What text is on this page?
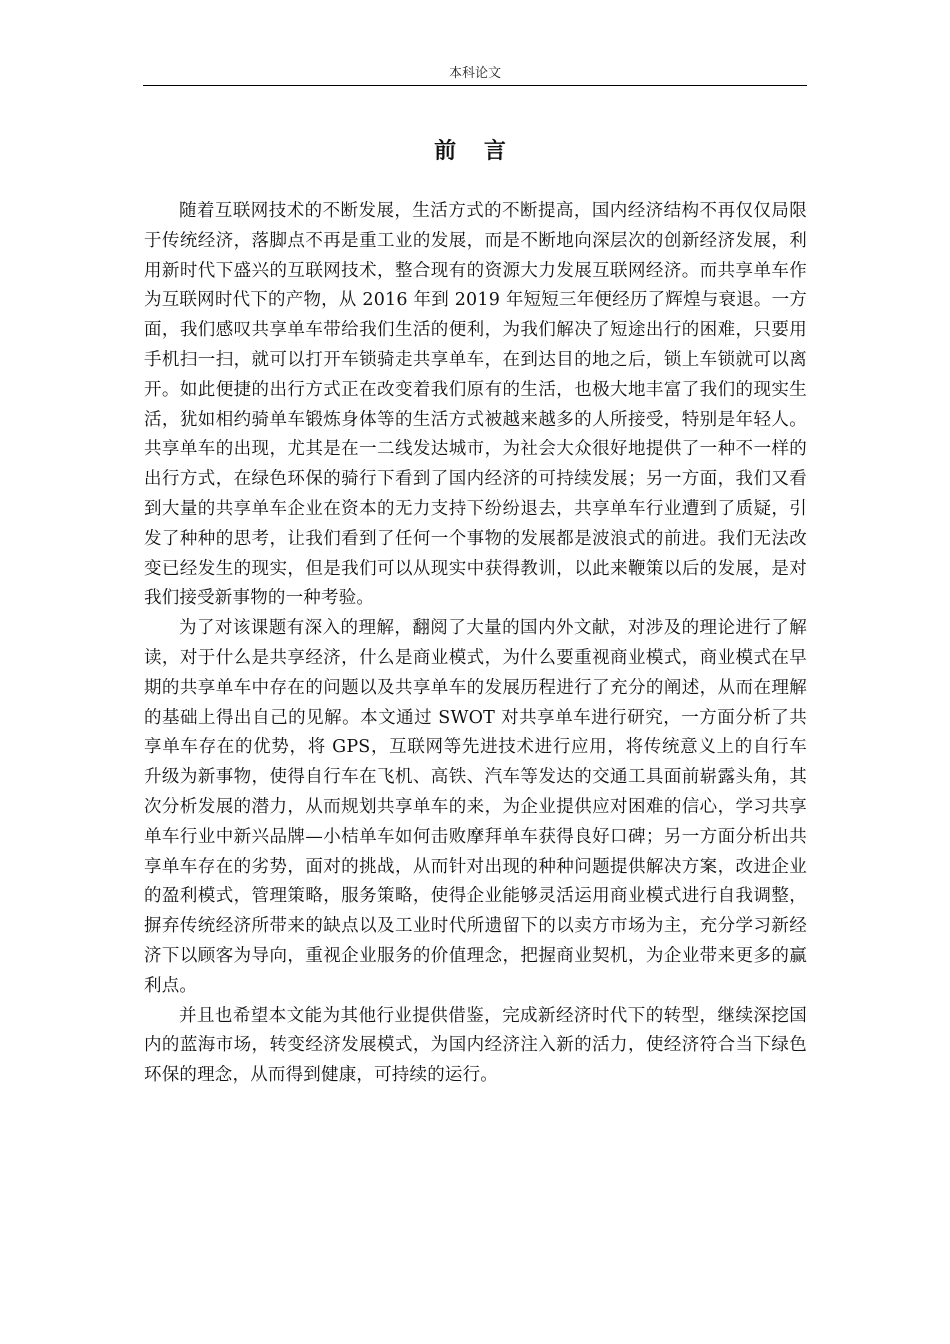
本科论文
前 言

随着互联网技术的不断发展，生活方式的不断提高，国内经济结构不再仅仅局限于传统经济，落脚点不再是重工业的发展，而是不断地向深层次的创新经济发展，利用新时代下盛兴的互联网技术，整合现有的资源大力发展互联网经济。而共享单车作为互联网时代下的产物，从 2016 年到 2019 年短短三年便经历了辉煌与衰退。一方面，我们感叹共享单车带给我们生活的便利，为我们解决了短途出行的困难，只要用手机扫一扫，就可以打开车锁骑走共享单车，在到达目的地之后，锁上车锁就可以离开。如此便捷的出行方式正在改变着我们原有的生活，也极大地丰富了我们的现实生活，犹如相约骑单车锻炼身体等的生活方式被越来越多的人所接受，特别是年轻人。共享单车的出现，尤其是在一二线发达城市，为社会大众很好地提供了一种不一样的出行方式，在绿色环保的骑行下看到了国内经济的可持续发展；另一方面，我们又看到大量的共享单车企业在资本的无力支持下纷纷退去，共享单车行业遭到了质疑，引发了种种的思考，让我们看到了任何一个事物的发展都是波浪式的前进。我们无法改变已经发生的现实，但是我们可以从现实中获得教训，以此来鞭策以后的发展，是对我们接受新事物的一种考验。

为了对该课题有深入的理解，翻阅了大量的国内外文献，对涉及的理论进行了解读，对于什么是共享经济，什么是商业模式，为什么要重视商业模式，商业模式在早期的共享单车中存在的问题以及共享单车的发展历程进行了充分的阐述，从而在理解的基础上得出自己的见解。本文通过 SWOT 对共享单车进行研究，一方面分析了共享单车存在的优势，将 GPS，互联网等先进技术进行应用，将传统意义上的自行车升级为新事物，使得自行车在飞机、高铁、汽车等发达的交通工具面前崭露头角，其次分析发展的潜力，从而规划共享单车的来，为企业提供应对困难的信心，学习共享单车行业中新兴品牌—小桔单车如何击败摩拜单车获得良好口碑；另一方面分析出共享单车存在的劣势，面对的挑战，从而针对出现的种种问题提供解决方案，改进企业的盈利模式，管理策略，服务策略，使得企业能够灵活运用商业模式进行自我调整，摒弃传统经济所带来的缺点以及工业时代所遗留下的以卖方市场为主，充分学习新经济下以顾客为导向，重视企业服务的价值理念，把握商业契机，为企业带来更多的赢利点。

并且也希望本文能为其他行业提供借鉴，完成新经济时代下的转型，继续深挖国内的蓝海市场，转变经济发展模式，为国内经济注入新的活力，使经济符合当下绿色环保的理念，从而得到健康，可持续的运行。
